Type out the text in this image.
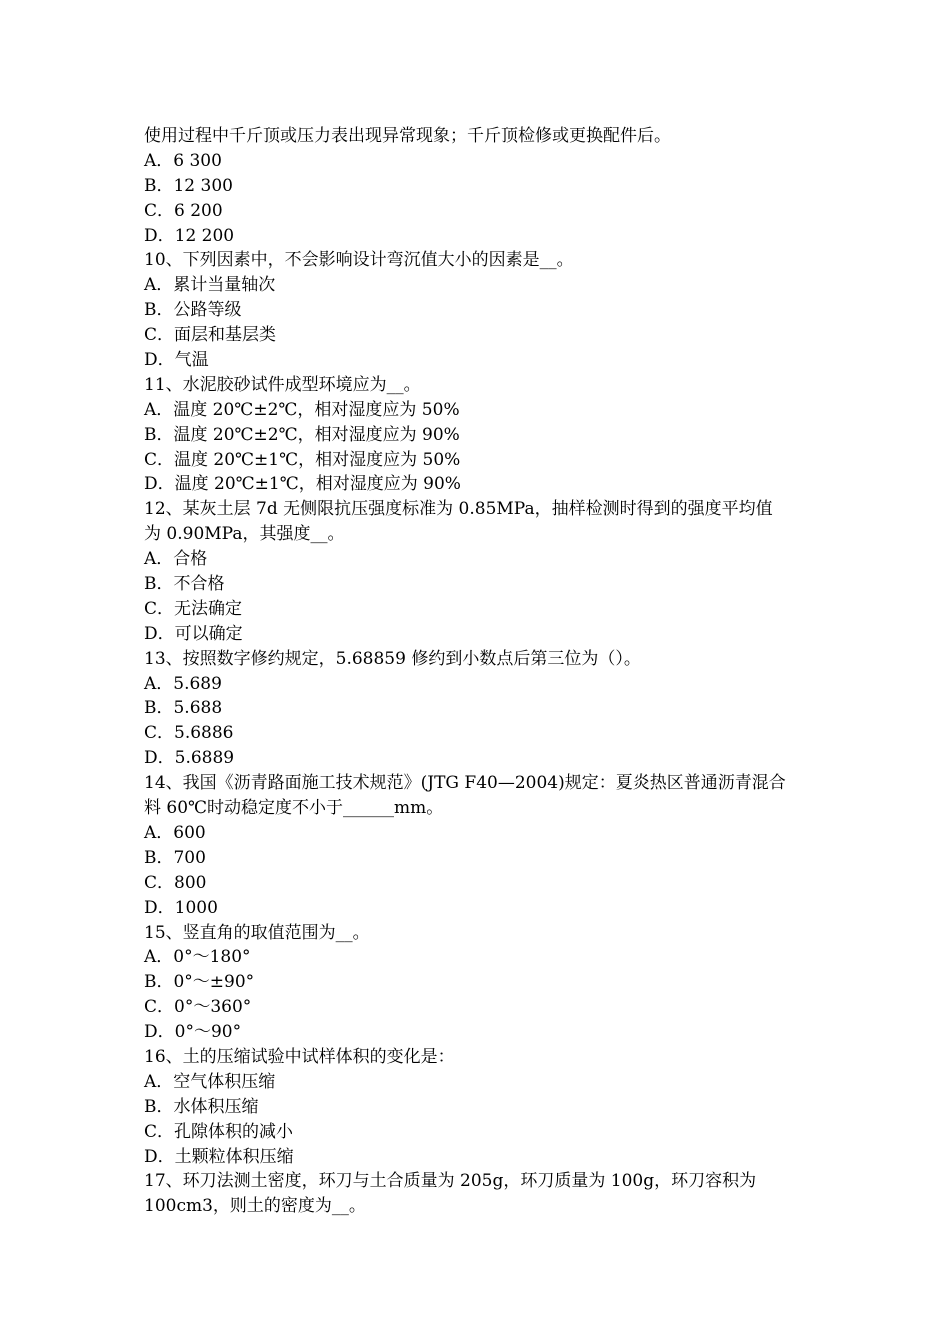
使用过程中千斤顶或压力表出现异常现象；千斤顶检修或更换配件后。
A．6 300
B．12 300
C．6 200
D．12 200
10、下列因素中，不会影响设计弯沉值大小的因素是__。
A．累计当量轴次
B．公路等级
C．面层和基层类
D．气温
11、水泥胶砂试件成型环境应为__。
A．温度 20℃±2℃，相对湿度应为 50%
B．温度 20℃±2℃，相对湿度应为 90%
C．温度 20℃±1℃，相对湿度应为 50%
D．温度 20℃±1℃，相对湿度应为 90%
12、某灰土层 7d 无侧限抗压强度标准为 0.85MPa，抽样检测时得到的强度平均值
为 0.90MPa，其强度__。
A．合格
B．不合格
C．无法确定
D．可以确定
13、按照数字修约规定，5.68859 修约到小数点后第三位为（）。
A．5.689
B．5.688
C．5.6886
D．5.6889
14、我国《沥青路面施工技术规范》(JTG F40—2004)规定：夏炎热区普通沥青混合
料 60℃时动稳定度不小于______mm。
A．600
B．700
C．800
D．1000
15、竖直角的取值范围为__。
A．0°～180°
B．0°～±90°
C．0°～360°
D．0°～90°
16、土的压缩试验中试样体积的变化是：
A．空气体积压缩
B．水体积压缩
C．孔隙体积的减小
D．土颗粒体积压缩
17、环刀法测土密度，环刀与土合质量为 205g，环刀质量为 100g，环刀容积为
100cm3，则土的密度为__。
